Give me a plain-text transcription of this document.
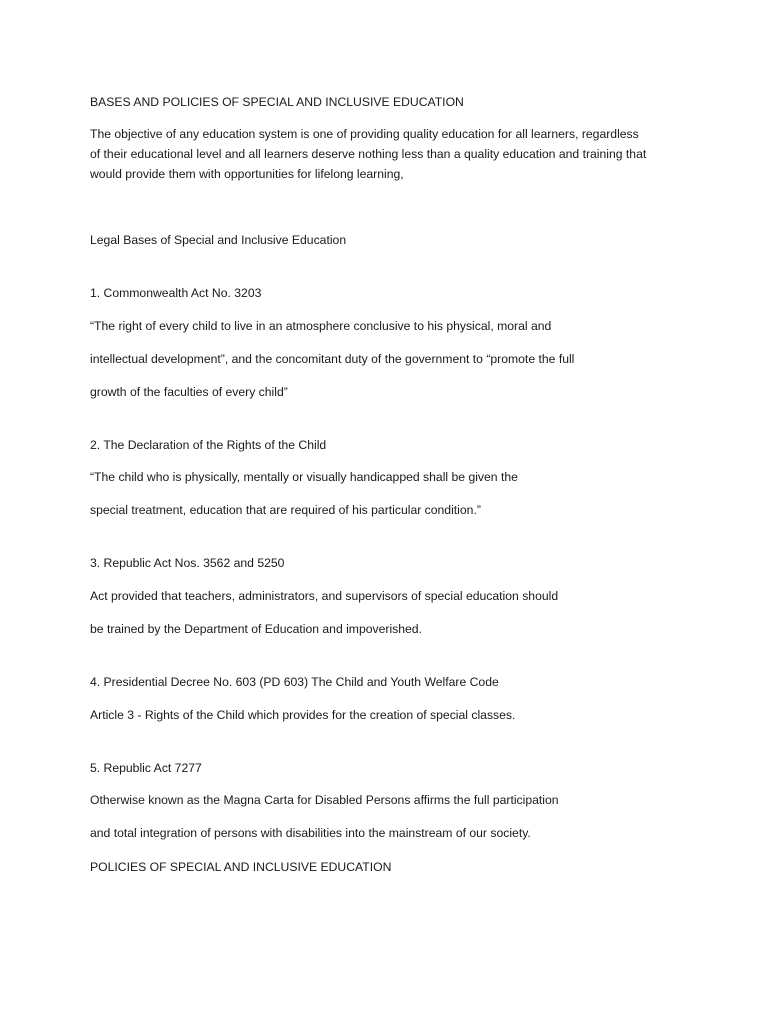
BASES AND POLICIES OF SPECIAL AND INCLUSIVE EDUCATION
The objective of any education system is one of providing quality education for all learners, regardless
of their educational level and all learners deserve nothing less than a quality education and training that
would provide them with opportunities for lifelong learning,
Legal Bases of Special and Inclusive Education
1. Commonwealth Act No. 3203
“The right of every child to live in an atmosphere conclusive to his physical, moral and
intellectual development”, and the concomitant duty of the government to “promote the full
growth of the faculties of every child”
2. The Declaration of the Rights of the Child
“The child who is physically, mentally or visually handicapped shall be given the
special treatment, education that are required of his particular condition.”
3. Republic Act Nos. 3562 and 5250
Act provided that teachers, administrators, and supervisors of special education should
be trained by the Department of Education and impoverished.
4. Presidential Decree No. 603 (PD 603) The Child and Youth Welfare Code
Article 3 - Rights of the Child which provides for the creation of special classes.
5. Republic Act 7277
Otherwise known as the Magna Carta for Disabled Persons affirms the full participation
and total integration of persons with disabilities into the mainstream of our society.
POLICIES OF SPECIAL AND INCLUSIVE EDUCATION
